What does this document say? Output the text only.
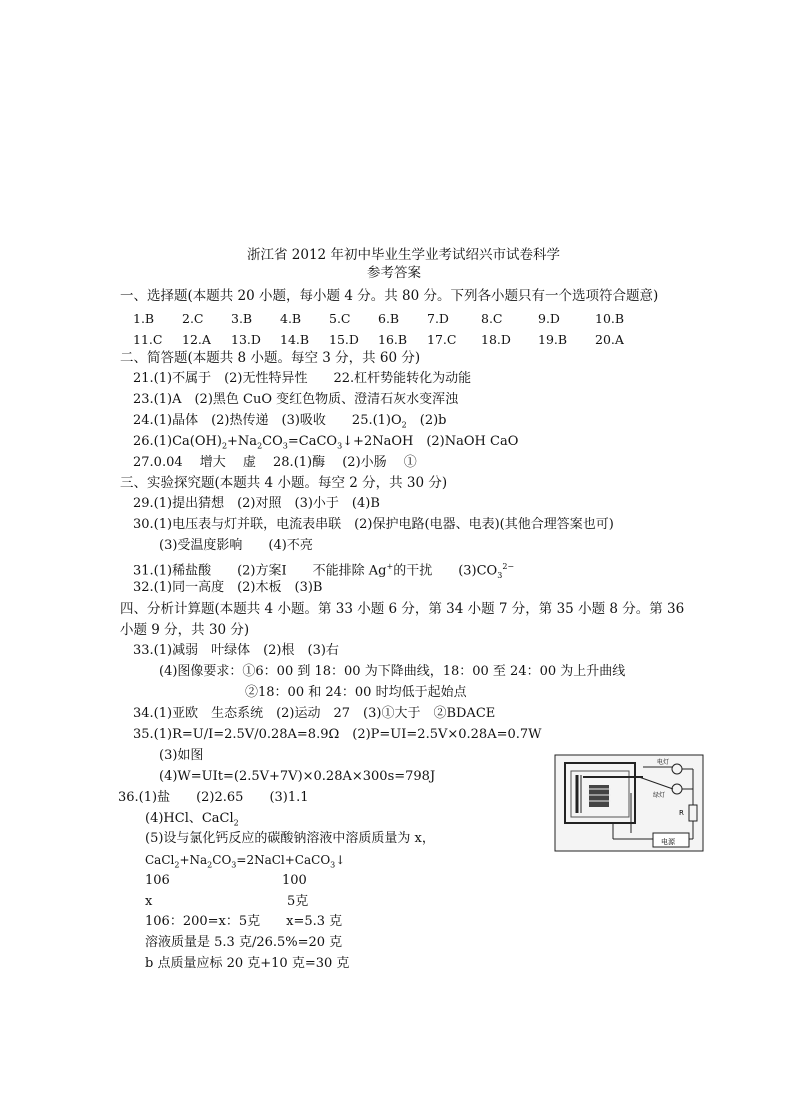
浙江省 2012 年初中毕业生学业考试绍兴市试卷科学
参考答案
一、选择题(本题共 20 小题，每小题 4 分。共 80 分。下列各小题只有一个选项符合题意)
1.B 2.C 3.B 4.B 5.C 6.B 7.D	8.C	9.D	10.B
11.C 12.A 13.D 14.B 15.D 16.B 17.C 18.D 19.B 20.A
二、简答题(本题共 8 小题。每空 3 分，共 60 分)
21.(1)不属于　(2)无性特异性　　22.杠杆势能转化为动能
23.(1)A　(2)黑色 CuO 变红色物质、澄清石灰水变浑浊
24.(1)晶体　(2)热传递　(3)吸收　　$25.(1)O_2$　(2)b
$26.(1)Ca(OH)_2+Na_2CO_3=CaCO_3↓+2NaOH$　(2)NaOH CaO
27.0.04　 增大　 虚　 28.(1)酶　 (2)小肠　 ①
三、实验探究题(本题共 4 小题。每空 2 分，共 30 分)
29.(1)提出猜想　(2)对照　(3)小于　(4)B
30.(1)电压表与灯并联，电流表串联　(2)保护电路(电器、电表)(其他合理答案也可)
(3)受温度影响　　(4)不亮
31.(1)稀盐酸　　(2)方案Ⅰ　　不能排除 Ag+的干扰　　$(3)CO_3^{2-}$
32.(1)同一高度　(2)木板　(3)B
四、分析计算题(本题共 4 小题。第 33 小题 6 分，第 34 小题 7 分，第 35 小题 8 分。第 36
小题 9 分，共 30 分)
33.(1)减弱　叶绿体　(2)根　(3)右
(4)图像要求：①6：00 到 18：00 为下降曲线，18：00 至 24：00 为上升曲线
②18：00 和 24：00 时均低于起始点
34.(1)亚欧　生态系统　(2)运动　27　(3)①大于　②BDACE
35.(1)R=U/I=2.5V/0.28A=8.9Ω　(2)P=UI=2.5V×0.28A=0.7W
(3)如图
(4)W=UIt=(2.5V+7V)×0.28A×300s=798J
36.(1)盐　　(2)2.65　　(3)1.1
(4)HCl、CaCl$_2$
(5)设与氯化钙反应的碳酸钠溶液中溶质质量为 x，
$CaCl_2+Na_2CO_3=2NaCl+CaCO_3↓$
106	100
x	5克
106：200=x：5克　　x=5.3 克
溶液质量是 5.3 克/26.5%=20 克
b 点质量应标 20 克+10 克=30 克
电灯
绿灯
R
电源
